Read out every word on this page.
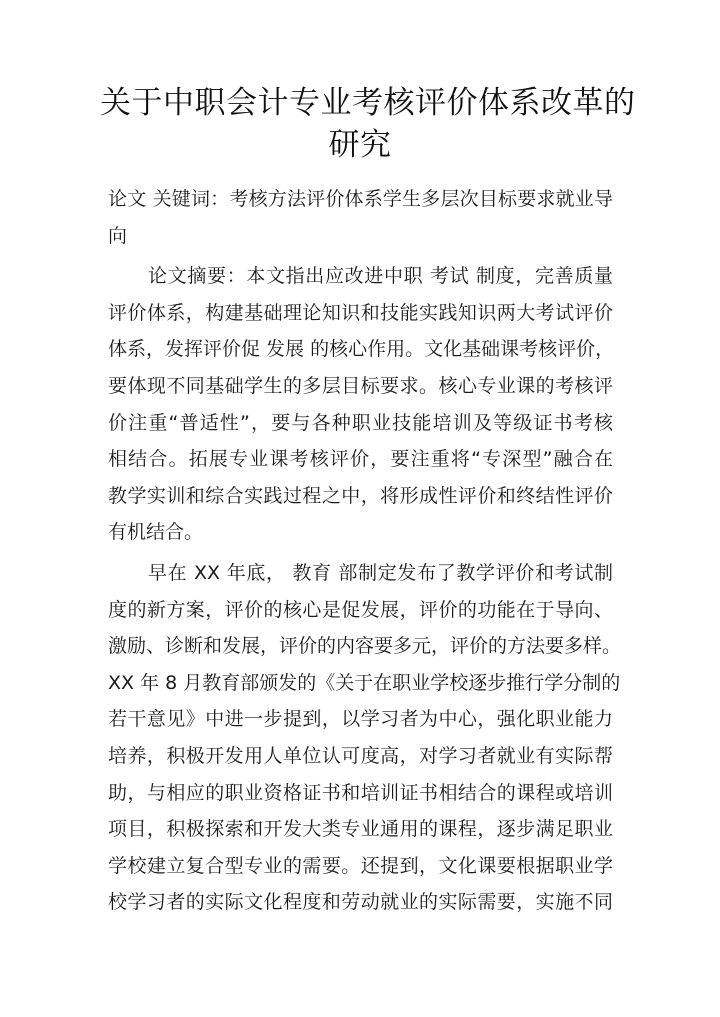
关于中职会计专业考核评价体系改革的
研究
论文 关键词：考核方法评价体系学生多层次目标要求就业导
向
论文摘要：本文指出应改进中职 考试 制度，完善质量
评价体系，构建基础理论知识和技能实践知识两大考试评价
体系，发挥评价促 发展 的核心作用。文化基础课考核评价，
要体现不同基础学生的多层目标要求。核心专业课的考核评
价注重“普适性”，要与各种职业技能培训及等级证书考核
相结合。拓展专业课考核评价，要注重将“专深型”融合在
教学实训和综合实践过程之中，将形成性评价和终结性评价
有机结合。
早在 XX 年底， 教育 部制定发布了教学评价和考试制
度的新方案，评价的核心是促发展，评价的功能在于导向、
激励、诊断和发展，评价的内容要多元，评价的方法要多样。
XX 年 8 月教育部颁发的《关于在职业学校逐步推行学分制的
若干意见》中进一步提到，以学习者为中心，强化职业能力
培养，积极开发用人单位认可度高，对学习者就业有实际帮
助，与相应的职业资格证书和培训证书相结合的课程或培训
项目，积极探索和开发大类专业通用的课程，逐步满足职业
学校建立复合型专业的需要。还提到，文化课要根据职业学
校学习者的实际文化程度和劳动就业的实际需要，实施不同
